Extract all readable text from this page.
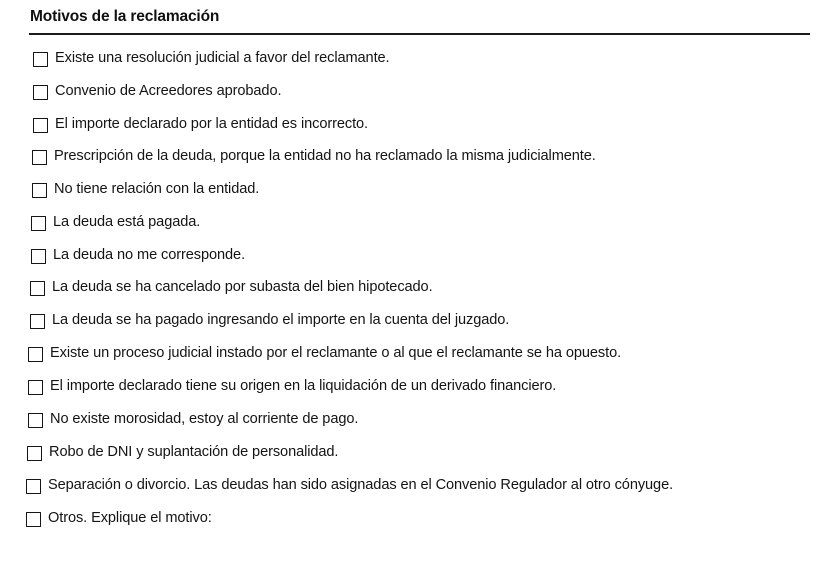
Motivos de la reclamación
Existe una resolución judicial a favor del reclamante.
Convenio de Acreedores aprobado.
El importe declarado por la entidad es incorrecto.
Prescripción de la deuda, porque la entidad no ha reclamado la misma judicialmente.
No tiene relación con la entidad.
La deuda está pagada.
La deuda no me corresponde.
La deuda se ha cancelado por subasta del bien hipotecado.
La deuda se ha pagado ingresando el importe en la cuenta del juzgado.
Existe un proceso judicial instado por el reclamante o al que el reclamante se ha opuesto.
El importe declarado tiene su origen en la liquidación de un derivado financiero.
No existe morosidad, estoy al corriente de pago.
Robo de DNI y suplantación de personalidad.
Separación o divorcio. Las deudas han sido asignadas en el Convenio Regulador al otro cónyuge.
Otros. Explique el motivo:
